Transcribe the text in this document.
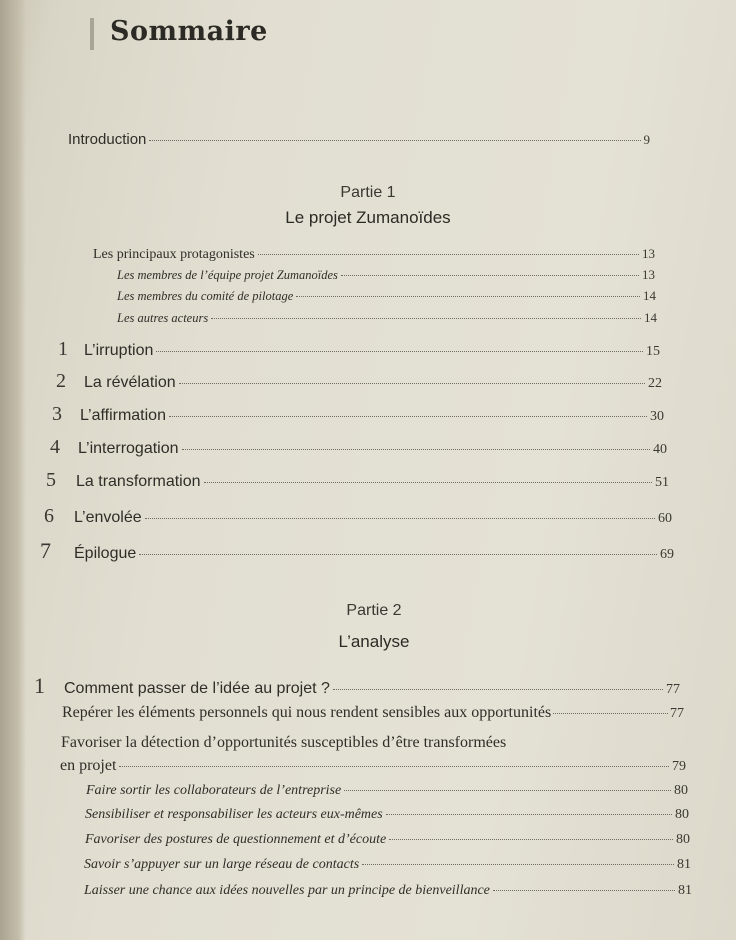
Sommaire
Introduction	9
Partie 1
Le projet Zumanoïdes
Les principaux protagonistes	13
Les membres de l’équipe projet Zumanoïdes	13
Les membres du comité de pilotage	14
Les autres acteurs	14
1	L’irruption	15
2	La révélation	22
3	L’affirmation	30
4	L’interrogation	40
5	La transformation	51
6	L’envolée	60
7	Épilogue	69
Partie 2
L’analyse
1	Comment passer de l’idée au projet ?	77
Repérer les éléments personnels qui nous rendent sensibles aux opportunités	77
Favoriser la détection d’opportunités susceptibles d’être transformées
en projet	79
Faire sortir les collaborateurs de l’entreprise	80
Sensibiliser et responsabiliser les acteurs eux-mêmes	80
Favoriser des postures de questionnement et d’écoute	80
Savoir s’appuyer sur un large réseau de contacts	81
Laisser une chance aux idées nouvelles par un principe de bienveillance	81
